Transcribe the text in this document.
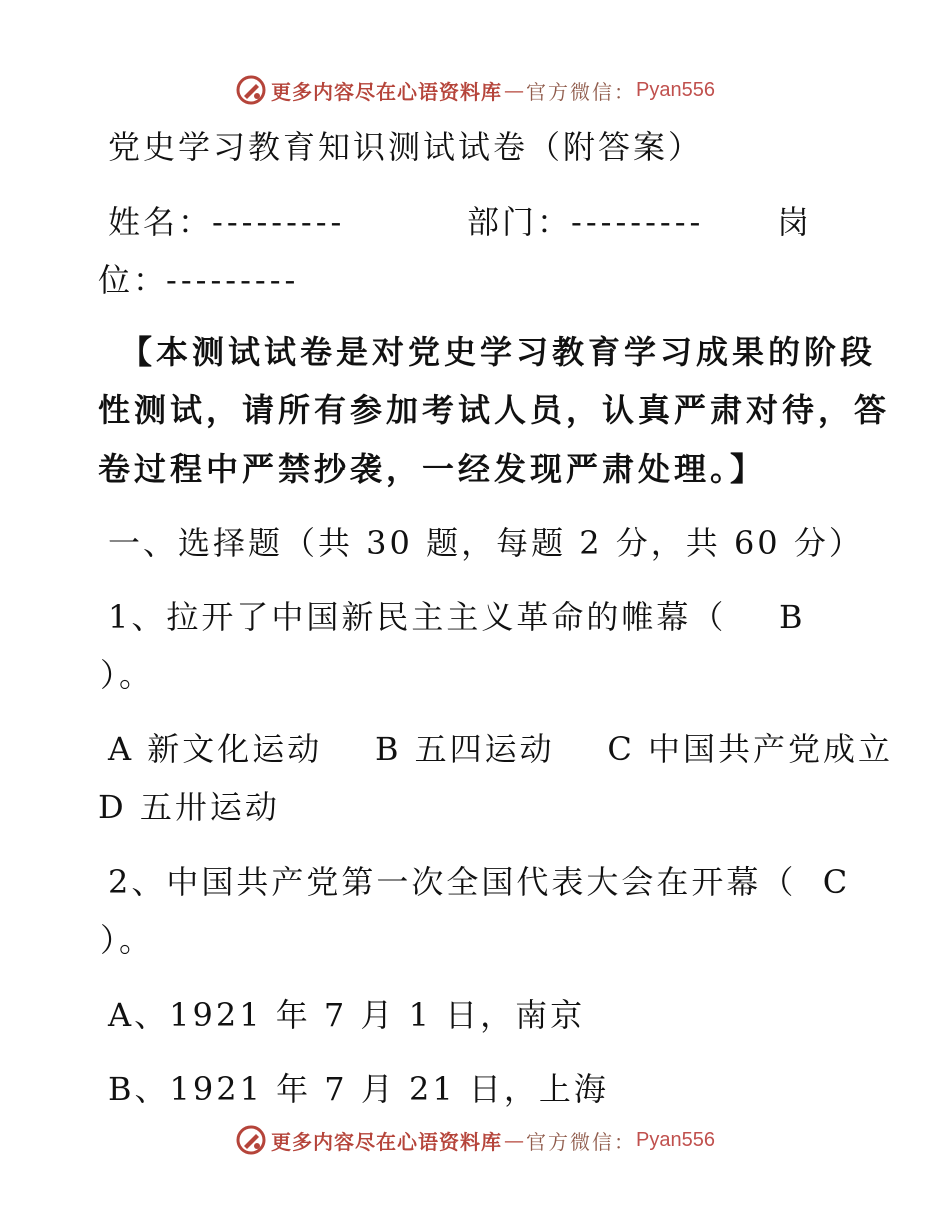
更多内容尽在心语资料库 — 官方微信： Pyan556
党史学习教育知识测试试卷（附答案）
姓名：
---------	部门：
--------- 岗
位：
---------
【本测试试卷是对党史学习教育学习成果的阶段
性测试，请所有参加考试人员，认真严肃对待，答
卷过程中严禁抄袭，一经发现严肃处理。】
一、选择题（共 30 题，每题 2 分，共 60 分）
1、拉开了中国新民主主义革命的帷幕（    B
）。
A 新文化运动    B 五四运动    C 中国共产党成立
D 五卅运动
2、中国共产党第一次全国代表大会在开幕（  C
）。
A、1921 年 7 月 1 日，南京
B、1921 年 7 月 21 日，上海
更多内容尽在心语资料库 — 官方微信： Pyan556
